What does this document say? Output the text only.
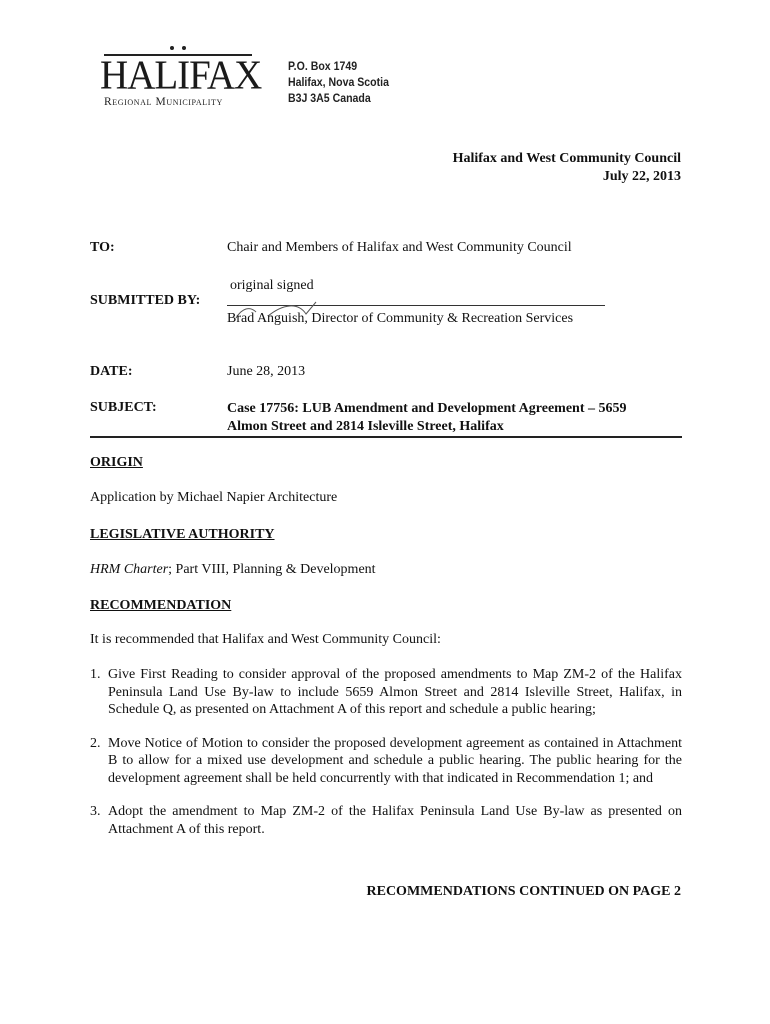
HALIFAX
Regional Municipality
P.O. Box 1749
Halifax, Nova Scotia
B3J 3A5 Canada
Halifax and West Community Council
July 22, 2013
TO:	Chair and Members of Halifax and West Community Council
original signed
SUBMITTED BY:
Brad Anguish, Director of Community & Recreation Services
DATE:	June 28, 2013
SUBJECT:	Case 17756: LUB Amendment and Development Agreement – 5659
Almon Street and 2814 Isleville Street, Halifax
ORIGIN
Application by Michael Napier Architecture
LEGISLATIVE AUTHORITY
HRM Charter; Part VIII, Planning & Development
RECOMMENDATION
It is recommended that Halifax and West Community Council:
1. Give First Reading to consider approval of the proposed amendments to Map ZM-2 of the Halifax Peninsula Land Use By-law to include 5659 Almon Street and 2814 Isleville Street, Halifax, in Schedule Q, as presented on Attachment A of this report and schedule a public hearing;
2. Move Notice of Motion to consider the proposed development agreement as contained in Attachment B to allow for a mixed use development and schedule a public hearing. The public hearing for the development agreement shall be held concurrently with that indicated in Recommendation 1; and
3. Adopt the amendment to Map ZM-2 of the Halifax Peninsula Land Use By-law as presented on Attachment A of this report.
RECOMMENDATIONS CONTINUED ON PAGE 2
